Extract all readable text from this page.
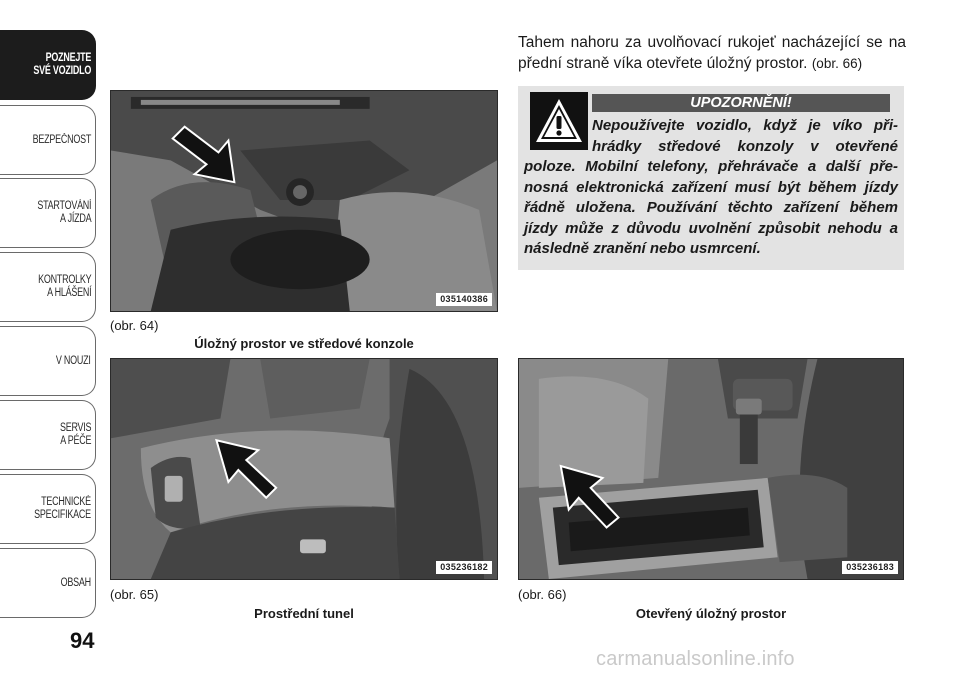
POZNEJTE
SVÉ VOZIDLO
BEZPEČNOST
STARTOVÁNÍ
A JÍZDA
KONTROLKY
A HLÁŠENÍ
V NOUZI
SERVIS
A PÉČE
TECHNICKÉ
SPECIFIKACE
OBSAH
94

Tahem nahoru za uvolňovací rukojeť nacházející se na přední straně víka otevřete úložný prostor. (obr. 66)

UPOZORNĚNÍ!
Nepoužívejte vozidlo, když je víko při- hrádky středové konzoly v otevřené poloze. Mobilní telefony, přehrávače a další pře- nosná elektronická zařízení musí být během jízdy řádně uložena. Používání těchto zařízení během jízdy může z důvodu uvolnění způsobit nehodu a následně zranění nebo usmrcení.
035140386
(obr. 64)
Úložný prostor ve středové konzole
035236182
(obr. 65)
Prostřední tunel
035236183
(obr. 66)
Otevřený úložný prostor
carmanualsonline.info
